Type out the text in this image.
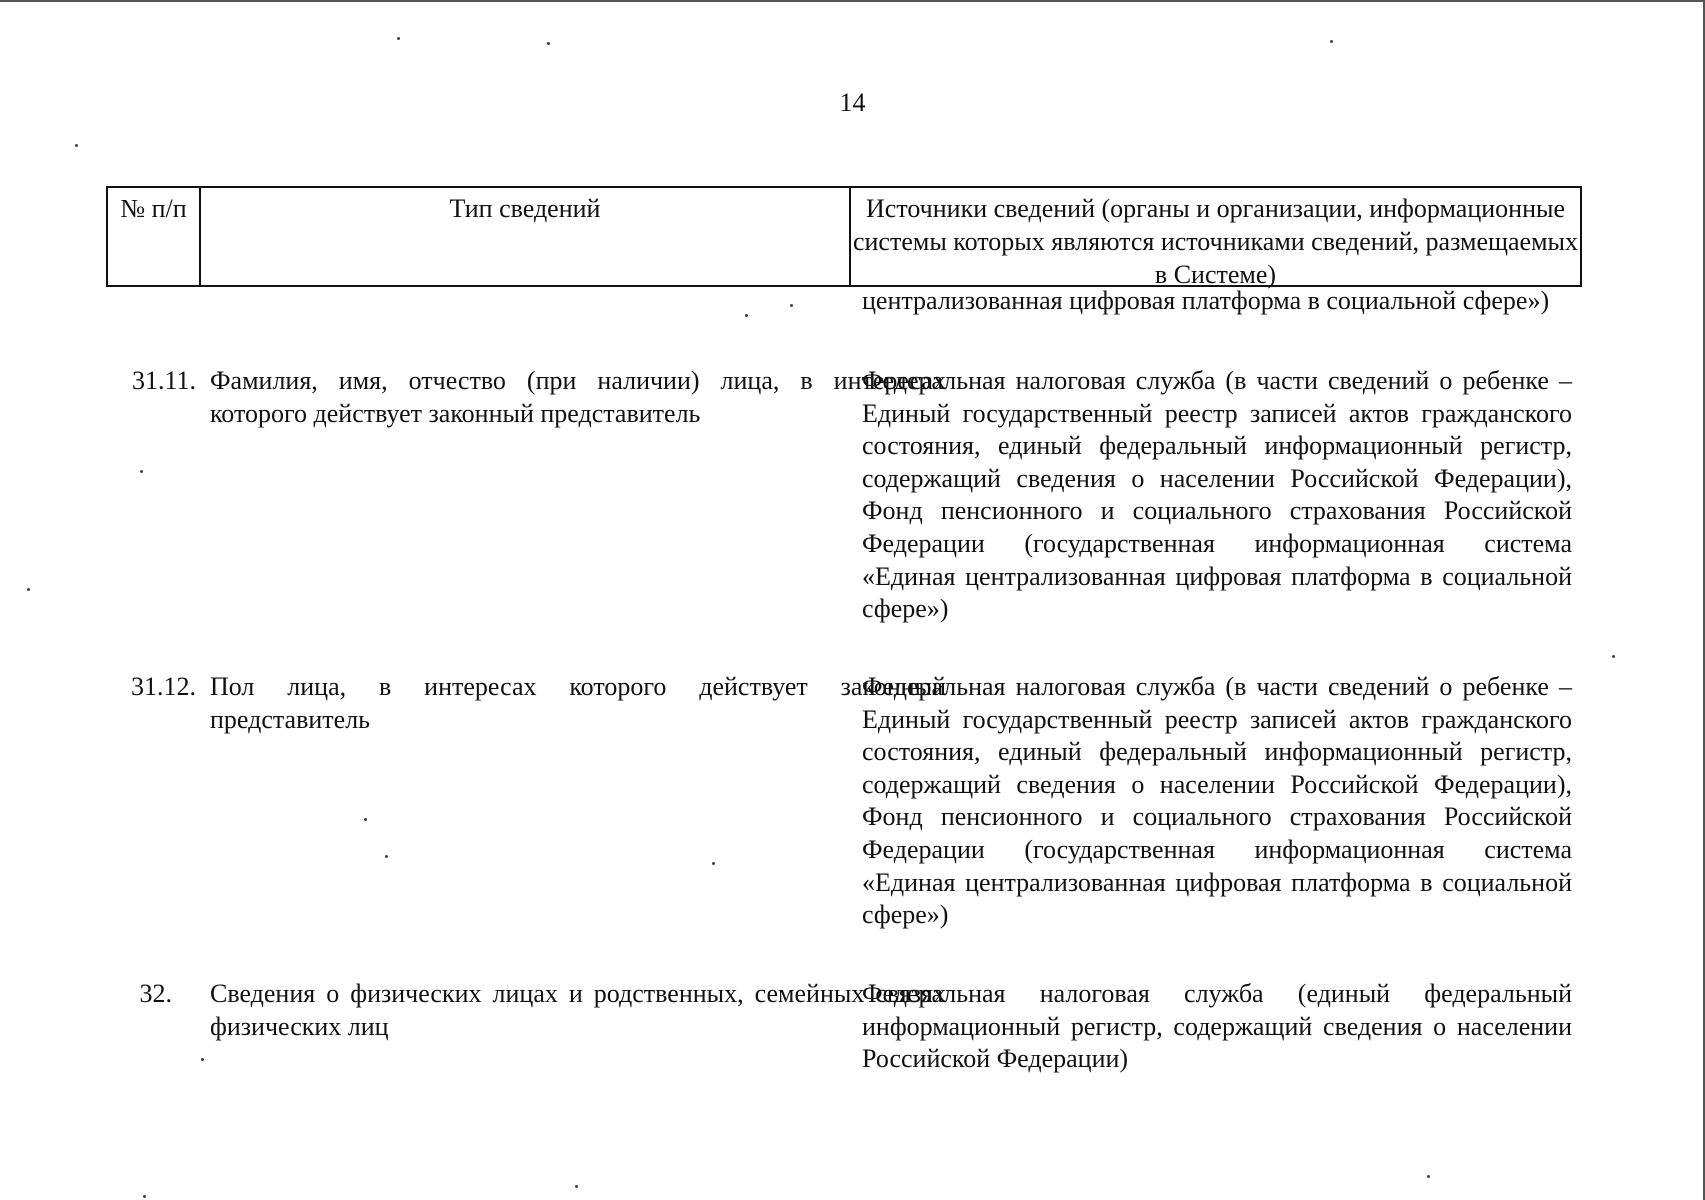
14
№ п/п	Тип сведений	Источники сведений (органы и организации, информационные системы которых являются источниками сведений, размещаемых в Системе)
централизованная цифровая платформа в социальной сфере»)
31.11. Фамилия, имя, отчество (при наличии) лица, в интересах которого действует законный представитель
Федеральная налоговая служба (в части сведений о ребенке – Единый государственный реестр записей актов гражданского состояния, единый федеральный информационный регистр, содержащий сведения о населении Российской Федерации), Фонд пенсионного и социального страхования Российской Федерации (государственная информационная система «Единая централизованная цифровая платформа в социальной сфере»)
31.12. Пол лица, в интересах которого действует законный представитель
Федеральная налоговая служба (в части сведений о ребенке – Единый государственный реестр записей актов гражданского состояния, единый федеральный информационный регистр, содержащий сведения о населении Российской Федерации), Фонд пенсионного и социального страхования Российской Федерации (государственная информационная система «Единая централизованная цифровая платформа в социальной сфере»)
32. Сведения о физических лицах и родственных, семейных связях физических лиц
Федеральная налоговая служба (единый федеральный информационный регистр, содержащий сведения о населении Российской Федерации)
